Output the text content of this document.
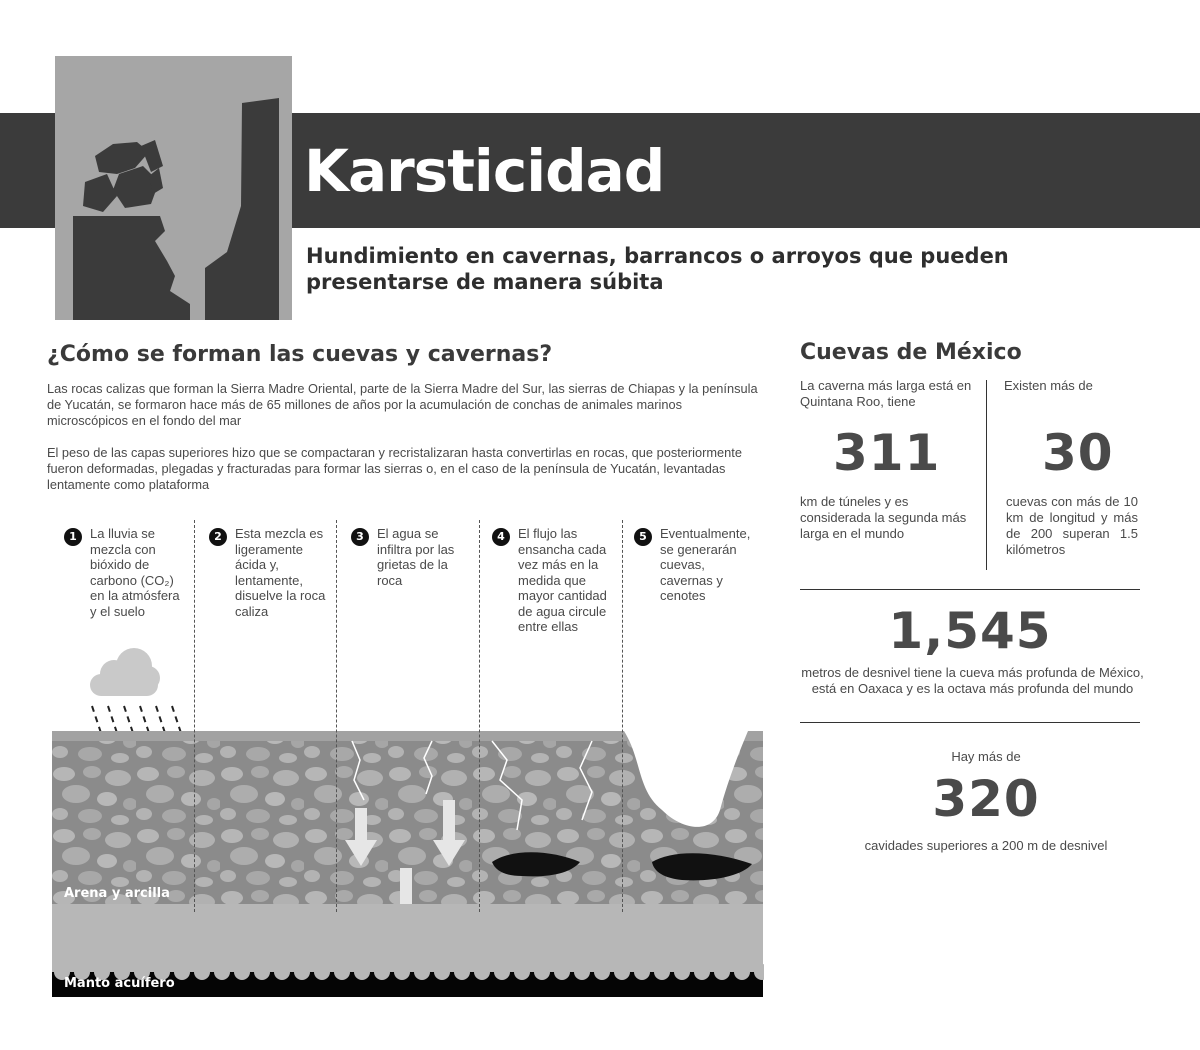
Karsticidad
Hundimiento en cavernas, barrancos o arroyos que pueden presentarse de manera súbita
¿Cómo se forman las cuevas y cavernas?
Las rocas calizas que forman la Sierra Madre Oriental, parte de la Sierra Madre del Sur, las sierras de Chiapas y la península de Yucatán, se formaron hace más de 65 millones de años por la acumulación de conchas de animales marinos microscópicos en el fondo del mar
El peso de las capas superiores hizo que se compactaran y recristalizaran hasta convertirlas en rocas, que posteriormente fueron deformadas, plegadas y fracturadas para formar las sierras o, en el caso de la península de Yucatán, levantadas lentamente como plataforma
1	La lluvia se mezcla con bióxido de carbono (CO₂) en la atmósfera y el suelo
2	Esta mezcla es ligeramente ácida y, lentamente, disuelve la roca caliza
3	El agua se infiltra por las grietas de la roca
4	El flujo las ensancha cada vez más en la medida que mayor cantidad de agua circule entre ellas
5	Eventualmente, se generarán cuevas, cavernas y cenotes
Arena y arcilla
Manto acuífero
Cuevas de México
La caverna más larga está en Quintana Roo, tiene
311
km de túneles y es considerada la segunda más larga en el mundo
Existen más de
30
cuevas con más de 10 km de longitud y más de 200 superan 1.5 kilómetros
1,545
metros de desnivel tiene la cueva más profunda de México, está en Oaxaca y es la octava más profunda del mundo
Hay más de
320
cavidades superiores a 200 m de desnivel
